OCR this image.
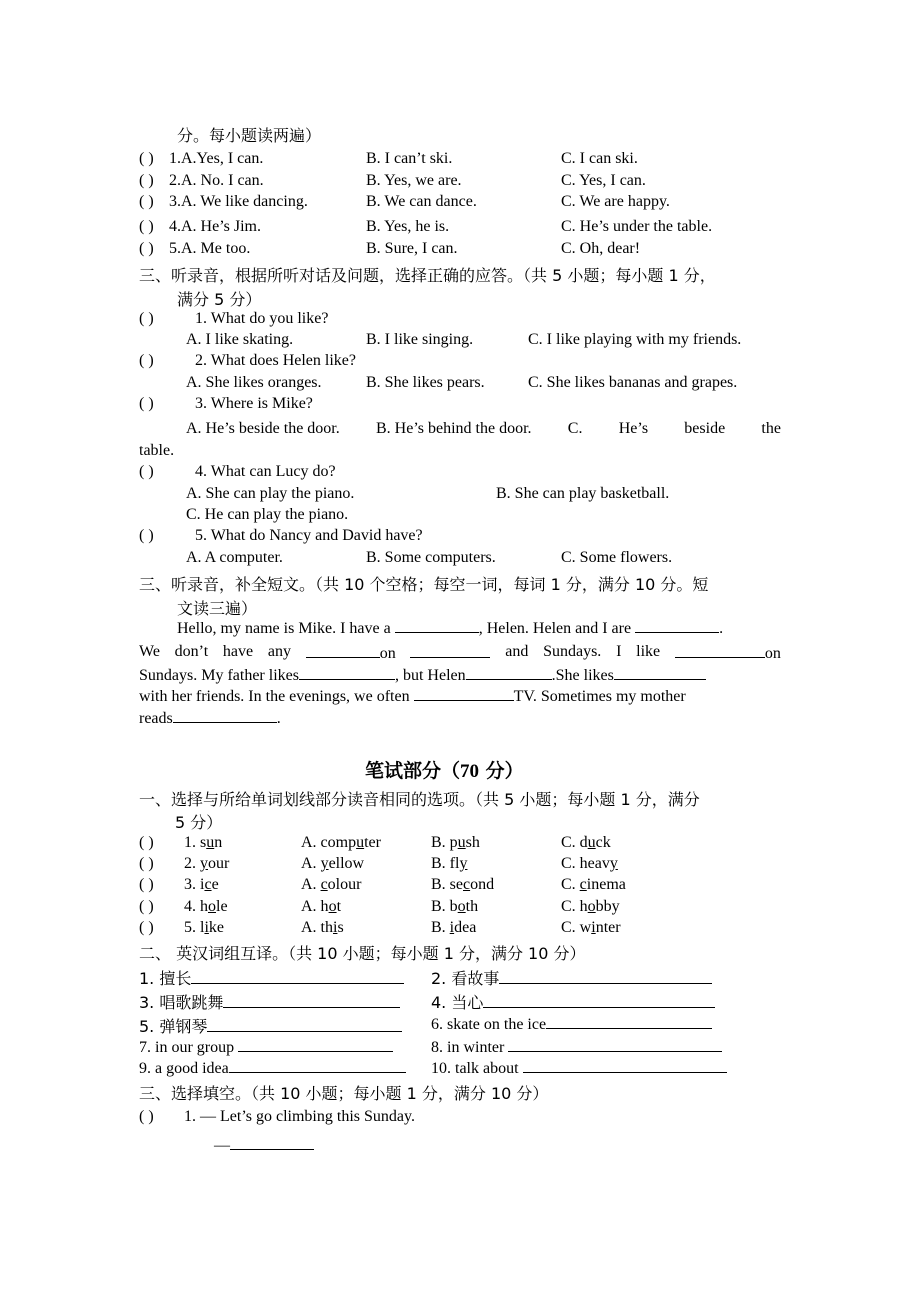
分。每小题读两遍）
( ) 1.A.Yes, I can.	B. I can’t ski.	C. I can ski.
( ) 2.A. No. I can.	B. Yes, we are.	C. Yes, I can.
( ) 3.A. We like dancing.	B. We can dance.	C. We are happy.
( ) 4.A. He’s Jim.	B. Yes, he is.	C. He’s under the table.
( ) 5.A. Me too.	B. Sure, I can.	C. Oh, dear!
三、听录音，根据所听对话及问题，选择正确的应答。（共 5 小题；每小题 1 分，
满分 5 分）
( )	1. What do you like?
A. I like skating.	B. I like singing.	C. I like playing with my friends.
( )	2. What does Helen like?
A. She likes oranges.	B. She likes pears.	C. She likes bananas and grapes.
( )	3. Where is Mike?
A. He’s beside the door. B. He’s behind the door. C. He’s beside the
table.
( )	4. What can Lucy do?
A. She can play the piano.	B. She can play basketball.
C. He can play the piano.
( )	5. What do Nancy and David have?
A. A computer.	B. Some computers.	C. Some flowers.
三、听录音，补全短文。（共 10 个空格；每空一词，每词 1 分，满分 10 分。短
文读三遍）
Hello, my name is Mike. I have a	, Helen. Helen and I are	.
We don’t have any	on	and Sundays. I like	on
Sundays. My father likes	, but Helen	.She likes
with her friends. In the evenings, we often	TV. Sometimes my mother
reads	.
笔试部分（70 分）
一、选择与所给单词划线部分读音相同的选项。（共 5 小题；每小题 1 分，满分
5 分）
( ) 1. sun	A. computer	B. push	C. duck
( ) 2. your	A. yellow	B. fly	C. heavy
( ) 3. ice	A. colour	B. second	C. cinema
( ) 4. hole	A. hot	B. both	C. hobby
( ) 5. like	A. this	B. idea	C. winter
二、 英汉词组互译。（共 10 小题；每小题 1 分，满分 10 分）
1. 擅长	2. 看故事
3. 唱歌跳舞	4. 当心
5. 弹钢琴	6. skate on the ice
7. in our group	8. in winter
9. a good idea	10. talk about
三、选择填空。（共 10 小题；每小题 1 分，满分 10 分）
( ) 1. — Let’s go climbing this Sunday.
—
